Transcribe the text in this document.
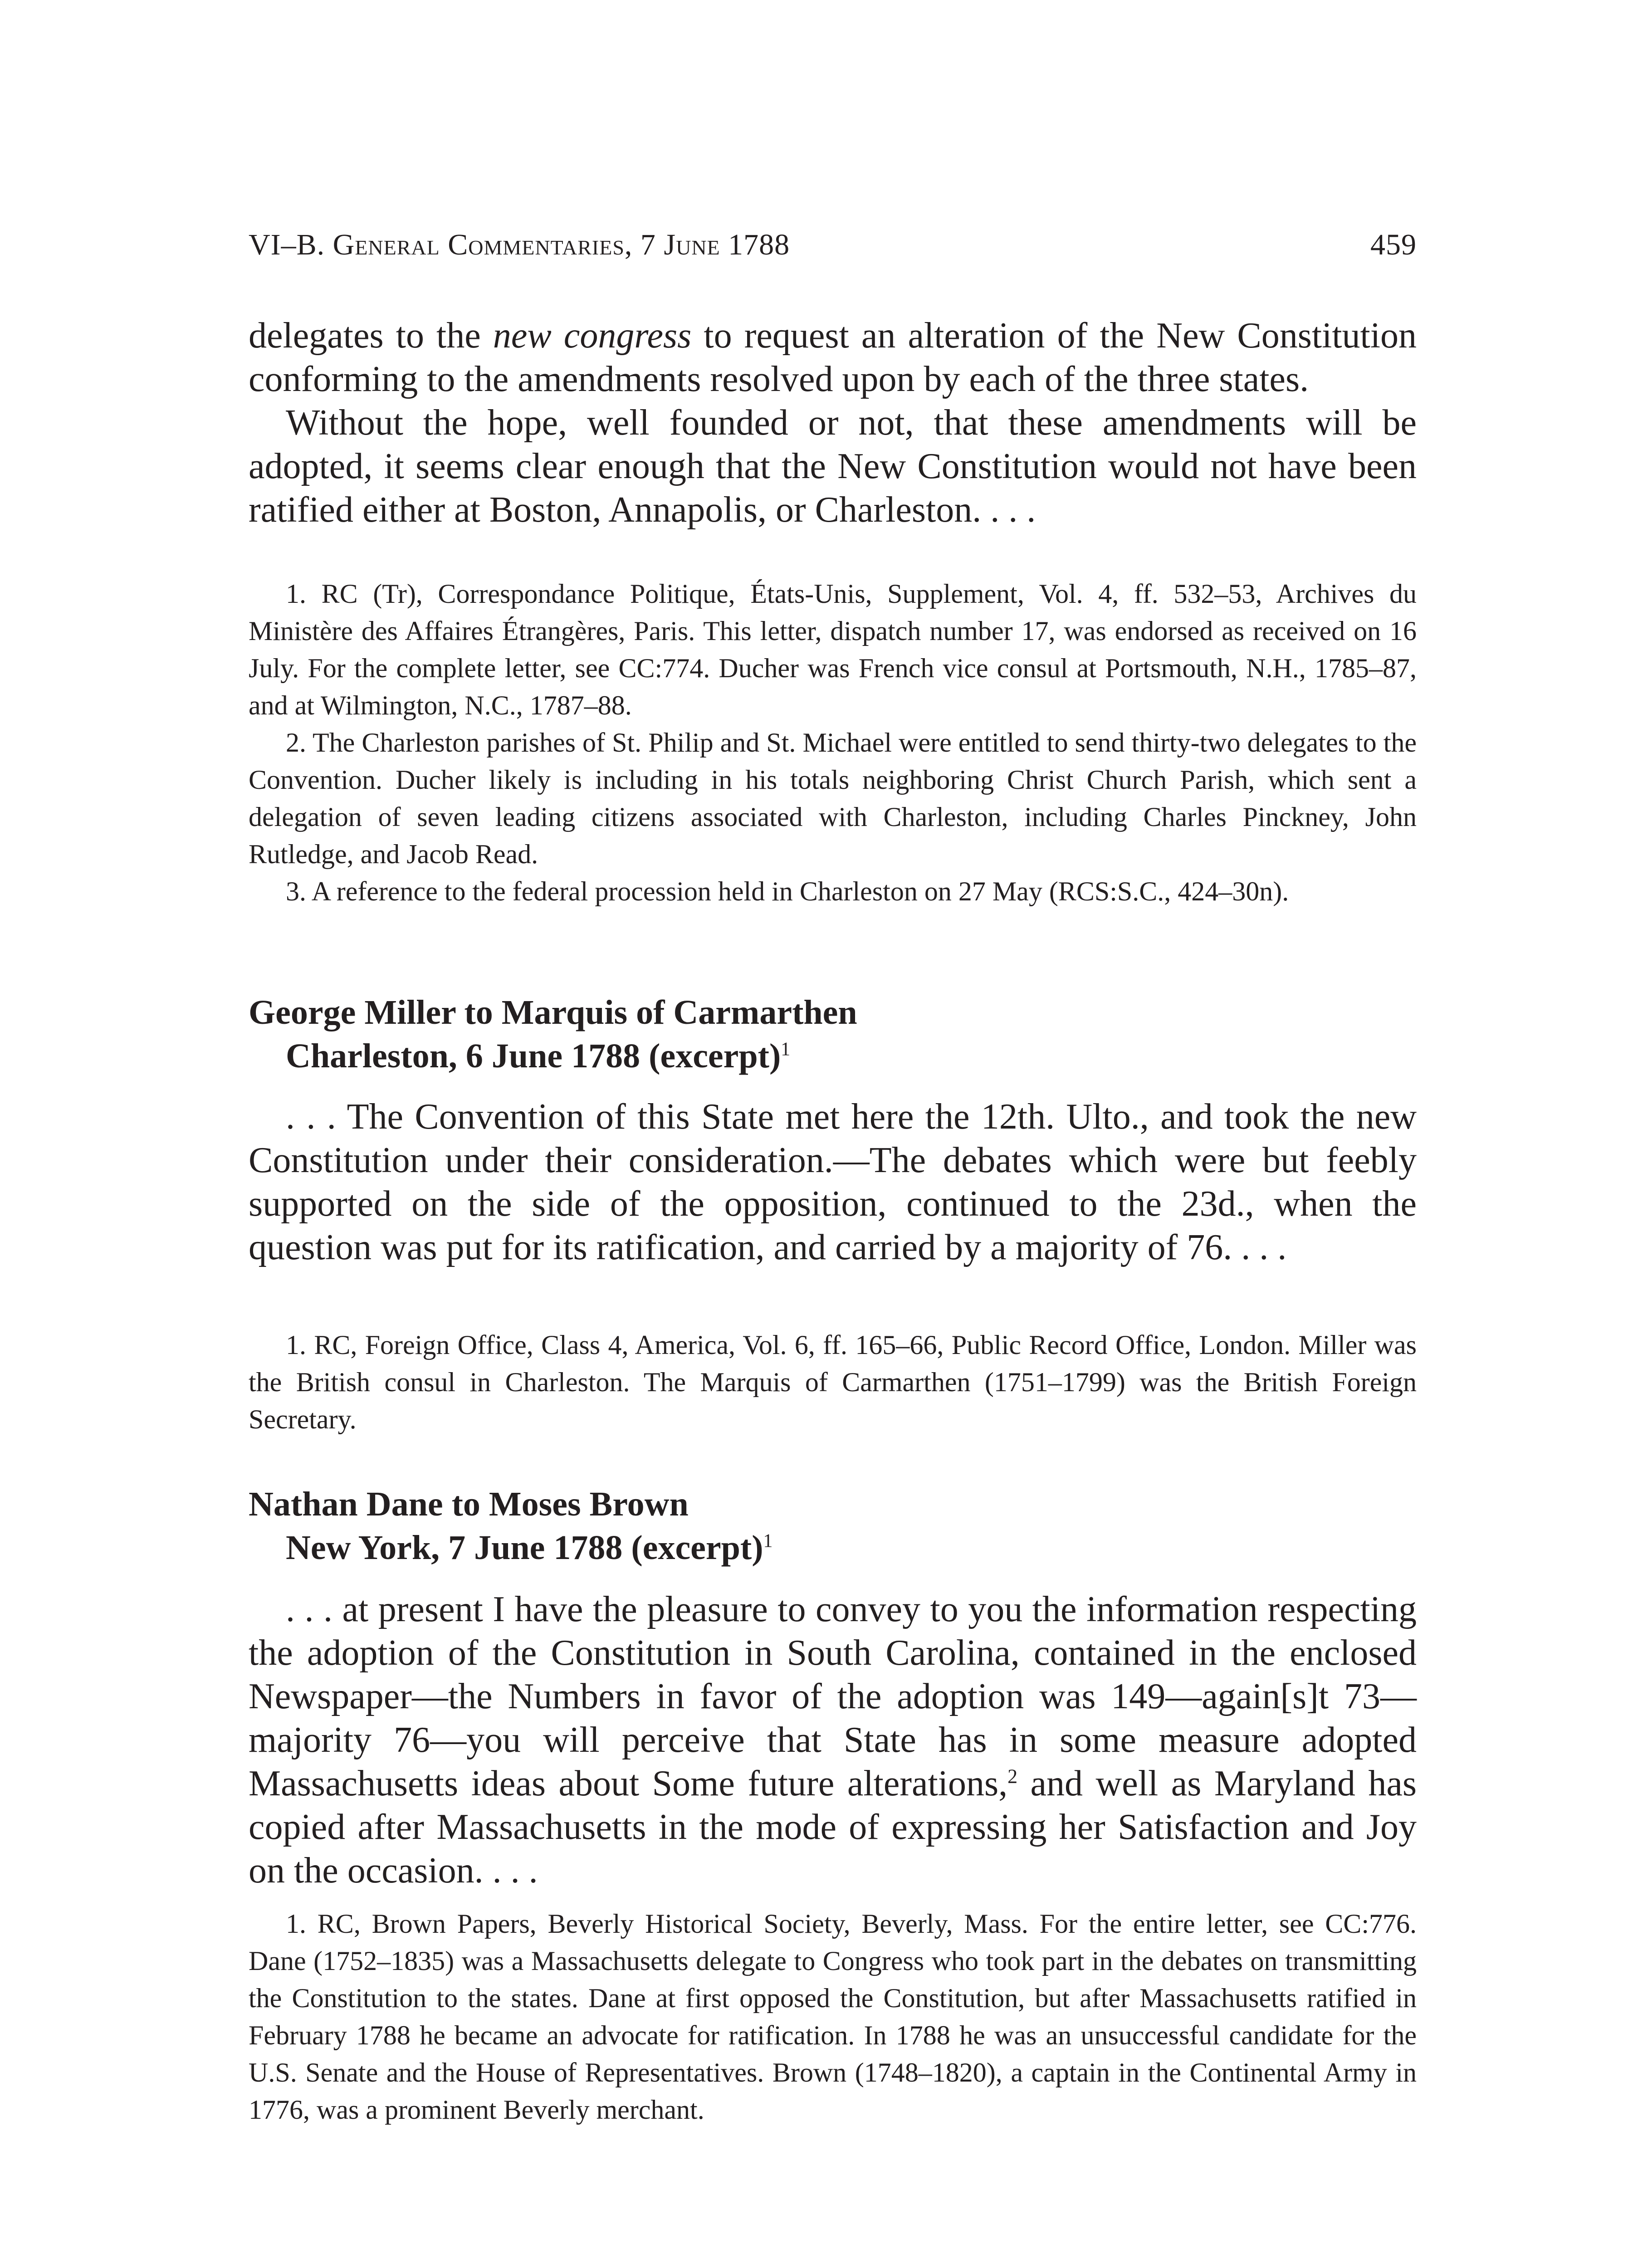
VI–B. General Commentaries, 7 June 1788	459

delegates to the new congress to request an alteration of the New Constitution conforming to the amendments resolved upon by each of the three states.

Without the hope, well founded or not, that these amendments will be adopted, it seems clear enough that the New Constitution would not have been ratified either at Boston, Annapolis, or Charleston. . . .

1. RC (Tr), Correspondance Politique, États-Unis, Supplement, Vol. 4, ff. 532–53, Archives du Ministère des Affaires Étrangères, Paris. This letter, dispatch number 17, was endorsed as received on 16 July. For the complete letter, see CC:774. Ducher was French vice consul at Portsmouth, N.H., 1785–87, and at Wilmington, N.C., 1787–88.

2. The Charleston parishes of St. Philip and St. Michael were entitled to send thirty-two delegates to the Convention. Ducher likely is including in his totals neighboring Christ Church Parish, which sent a delegation of seven leading citizens associated with Charleston, including Charles Pinckney, John Rutledge, and Jacob Read.

3. A reference to the federal procession held in Charleston on 27 May (RCS:S.C., 424–30n).

George Miller to Marquis of Carmarthen

Charleston, 6 June 1788 (excerpt)$^1$

. . . The Convention of this State met here the 12th. Ulto., and took the new Constitution under their consideration.—The debates which were but feebly supported on the side of the opposition, continued to the 23d., when the question was put for its ratification, and carried by a majority of 76. . . .

1. RC, Foreign Office, Class 4, America, Vol. 6, ff. 165–66, Public Record Office, London. Miller was the British consul in Charleston. The Marquis of Carmarthen (1751–1799) was the British Foreign Secretary.

Nathan Dane to Moses Brown

New York, 7 June 1788 (excerpt)$^1$

. . . at present I have the pleasure to convey to you the information respecting the adoption of the Constitution in South Carolina, contained in the enclosed Newspaper—the Numbers in favor of the adoption was 149—again[s]t 73—majority 76—you will perceive that State has in some measure adopted Massachusetts ideas about Some future alterations,$^2$ and well as Maryland has copied after Massachusetts in the mode of expressing her Satisfaction and Joy on the occasion. . . .

1. RC, Brown Papers, Beverly Historical Society, Beverly, Mass. For the entire letter, see CC:776. Dane (1752–1835) was a Massachusetts delegate to Congress who took part in the debates on transmitting the Constitution to the states. Dane at first opposed the Constitution, but after Massachusetts ratified in February 1788 he became an advocate for ratification. In 1788 he was an unsuccessful candidate for the U.S. Senate and the House of Representatives. Brown (1748–1820), a captain in the Continental Army in 1776, was a prominent Beverly merchant.
